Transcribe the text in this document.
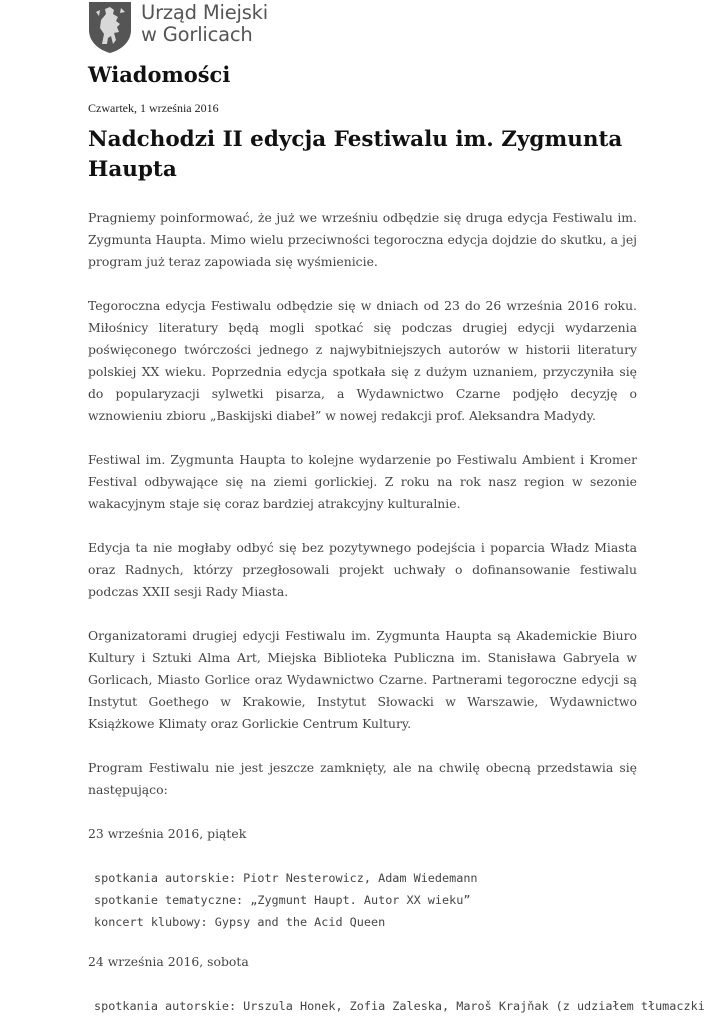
Urząd Miejski
w Gorlicach
Wiadomości
Czwartek, 1 września 2016
Nadchodzi II edycja Festiwalu im. Zygmunta Haupta

Pragniemy poinformować, że już we wrześniu odbędzie się druga edycja Festiwalu im. Zygmunta Haupta. Mimo wielu przeciwności tegoroczna edycja dojdzie do skutku, a jej program już teraz zapowiada się wyśmienicie.

Tegoroczna edycja Festiwalu odbędzie się w dniach od 23 do 26 września 2016 roku. Miłośnicy literatury będą mogli spotkać się podczas drugiej edycji wydarzenia poświęconego twórczości jednego z najwybitniejszych autorów w historii literatury polskiej XX wieku. Poprzednia edycja spotkała się z dużym uznaniem, przyczyniła się do popularyzacji sylwetki pisarza, a Wydawnictwo Czarne podjęło decyzję o wznowieniu zbioru „Baskijski diabeł” w nowej redakcji prof. Aleksandra Madydy.

Festiwal im. Zygmunta Haupta to kolejne wydarzenie po Festiwalu Ambient i Kromer Festival odbywające się na ziemi gorlickiej. Z roku na rok nasz region w sezonie wakacyjnym staje się coraz bardziej atrakcyjny kulturalnie.

Edycja ta nie mogłaby odbyć się bez pozytywnego podejścia i poparcia Władz Miasta oraz Radnych, którzy przegłosowali projekt uchwały o dofinansowanie festiwalu podczas XXII sesji Rady Miasta.

Organizatorami drugiej edycji Festiwalu im. Zygmunta Haupta są Akademickie Biuro Kultury i Sztuki Alma Art, Miejska Biblioteka Publiczna im. Stanisława Gabryela w Gorlicach, Miasto Gorlice oraz Wydawnictwo Czarne. Partnerami tegoroczne edycji są Instytut Goethego w Krakowie, Instytut Słowacki w Warszawie, Wydawnictwo Książkowe Klimaty oraz Gorlickie Centrum Kultury.

Program Festiwalu nie jest jeszcze zamknięty, ale na chwilę obecną przedstawia się następująco:

23 września 2016, piątek
spotkania autorskie: Piotr Nesterowicz, Adam Wiedemann
spotkanie tematyczne: „Zygmunt Haupt. Autor XX wieku”
koncert klubowy: Gypsy and the Acid Queen
24 września 2016, sobota
spotkania autorskie: Urszula Honek, Zofia Zaleska, Maroš Krajňak (z udziałem tłumaczki
